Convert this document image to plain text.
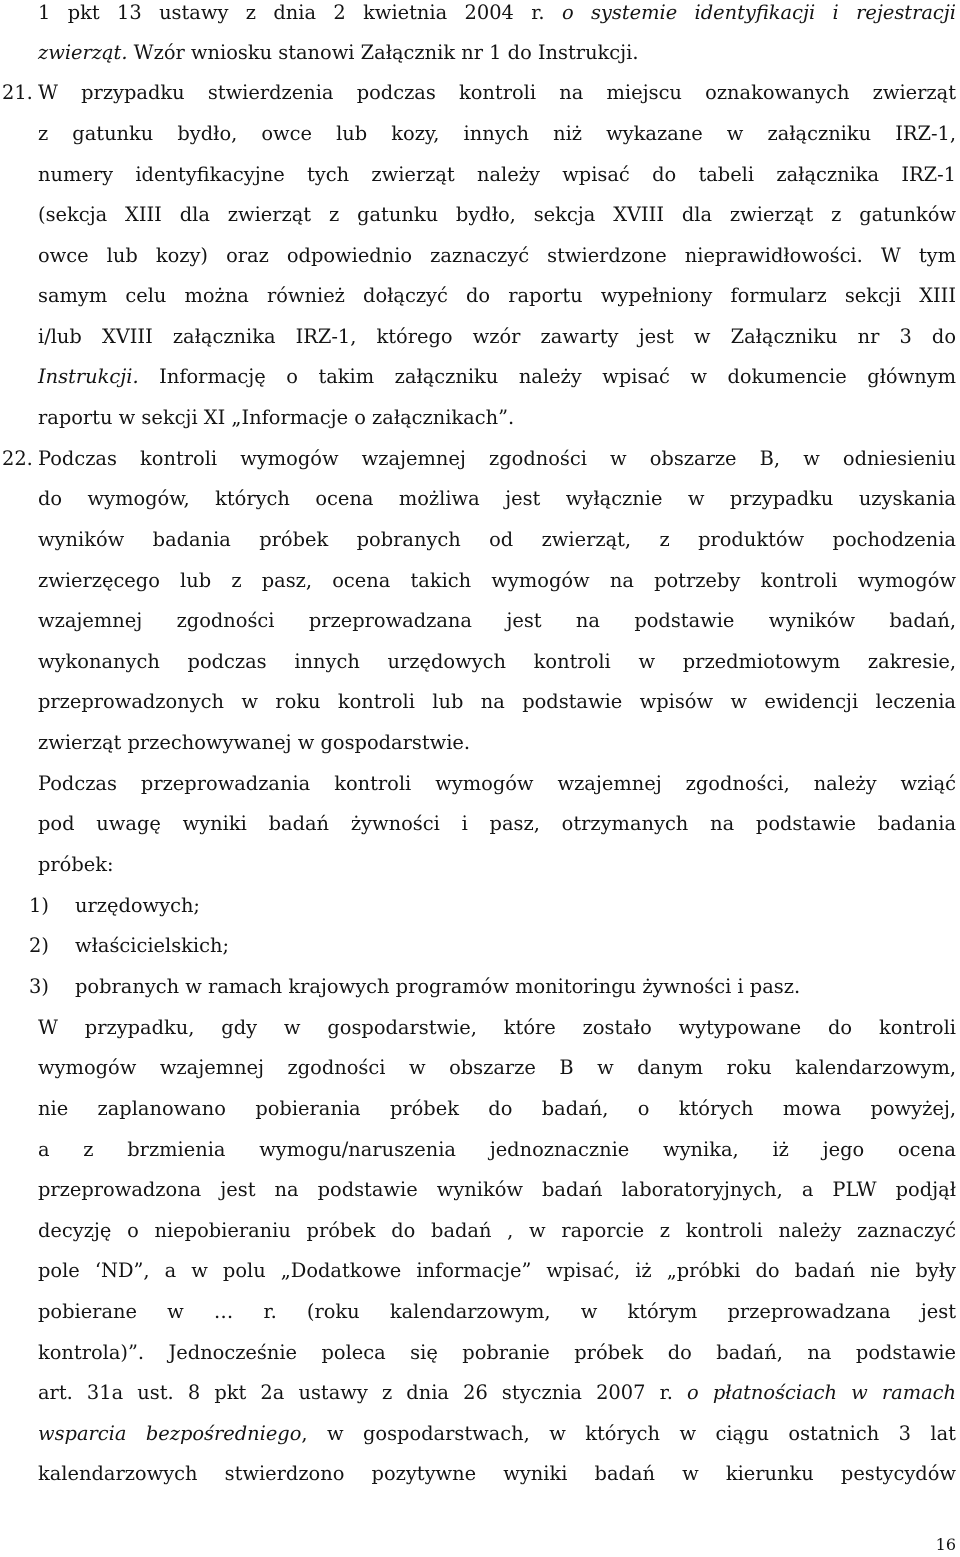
1 pkt 13 ustawy z dnia 2 kwietnia 2004 r. o systemie identyfikacji i rejestracji
zwierząt. Wzór wniosku stanowi Załącznik nr 1 do Instrukcji.
21. W przypadku stwierdzenia podczas kontroli na miejscu oznakowanych zwierząt
z gatunku bydło, owce lub kozy, innych niż wykazane w załączniku IRZ-1,
numery identyfikacyjne tych zwierząt należy wpisać do tabeli załącznika IRZ-1
(sekcja XIII dla zwierząt z gatunku bydło, sekcja XVIII dla zwierząt z gatunków
owce lub kozy) oraz odpowiednio zaznaczyć stwierdzone nieprawidłowości. W tym
samym celu można również dołączyć do raportu wypełniony formularz sekcji XIII
i/lub XVIII załącznika IRZ-1, którego wzór zawarty jest w Załączniku nr 3 do
Instrukcji. Informację o takim załączniku należy wpisać w dokumencie głównym
raportu w sekcji XI „Informacje o załącznikach”.
22. Podczas kontroli wymogów wzajemnej zgodności w obszarze B, w odniesieniu
do wymogów, których ocena możliwa jest wyłącznie w przypadku uzyskania
wyników badania próbek pobranych od zwierząt, z produktów pochodzenia
zwierzęcego lub z pasz, ocena takich wymogów na potrzeby kontroli wymogów
wzajemnej zgodności przeprowadzana jest na podstawie wyników badań,
wykonanych podczas innych urzędowych kontroli w przedmiotowym zakresie,
przeprowadzonych w roku kontroli lub na podstawie wpisów w ewidencji leczenia
zwierząt przechowywanej w gospodarstwie.
Podczas przeprowadzania kontroli wymogów wzajemnej zgodności, należy wziąć
pod uwagę wyniki badań żywności i pasz, otrzymanych na podstawie badania
próbek:
1)	urzędowych;
2)	właścicielskich;
3)	pobranych w ramach krajowych programów monitoringu żywności i pasz.
W przypadku, gdy w gospodarstwie, które zostało wytypowane do kontroli
wymogów wzajemnej zgodności w obszarze B w danym roku kalendarzowym,
nie zaplanowano pobierania próbek do badań, o których mowa powyżej,
a z brzmienia wymogu/naruszenia jednoznacznie wynika, iż jego ocena
przeprowadzona jest na podstawie wyników badań laboratoryjnych, a PLW podjął
decyzję o niepobieraniu próbek do badań , w raporcie z kontroli należy zaznaczyć
pole ‘ND”, a w polu „Dodatkowe informacje” wpisać, iż „próbki do badań nie były
pobierane w … r. (roku kalendarzowym, w którym przeprowadzana jest
kontrola)”. Jednocześnie poleca się pobranie próbek do badań, na podstawie
art. 31a ust. 8 pkt 2a ustawy z dnia 26 stycznia 2007 r. o płatnościach w ramach
wsparcia bezpośredniego, w gospodarstwach, w których w ciągu ostatnich 3 lat
kalendarzowych stwierdzono pozytywne wyniki badań w kierunku pestycydów
16
